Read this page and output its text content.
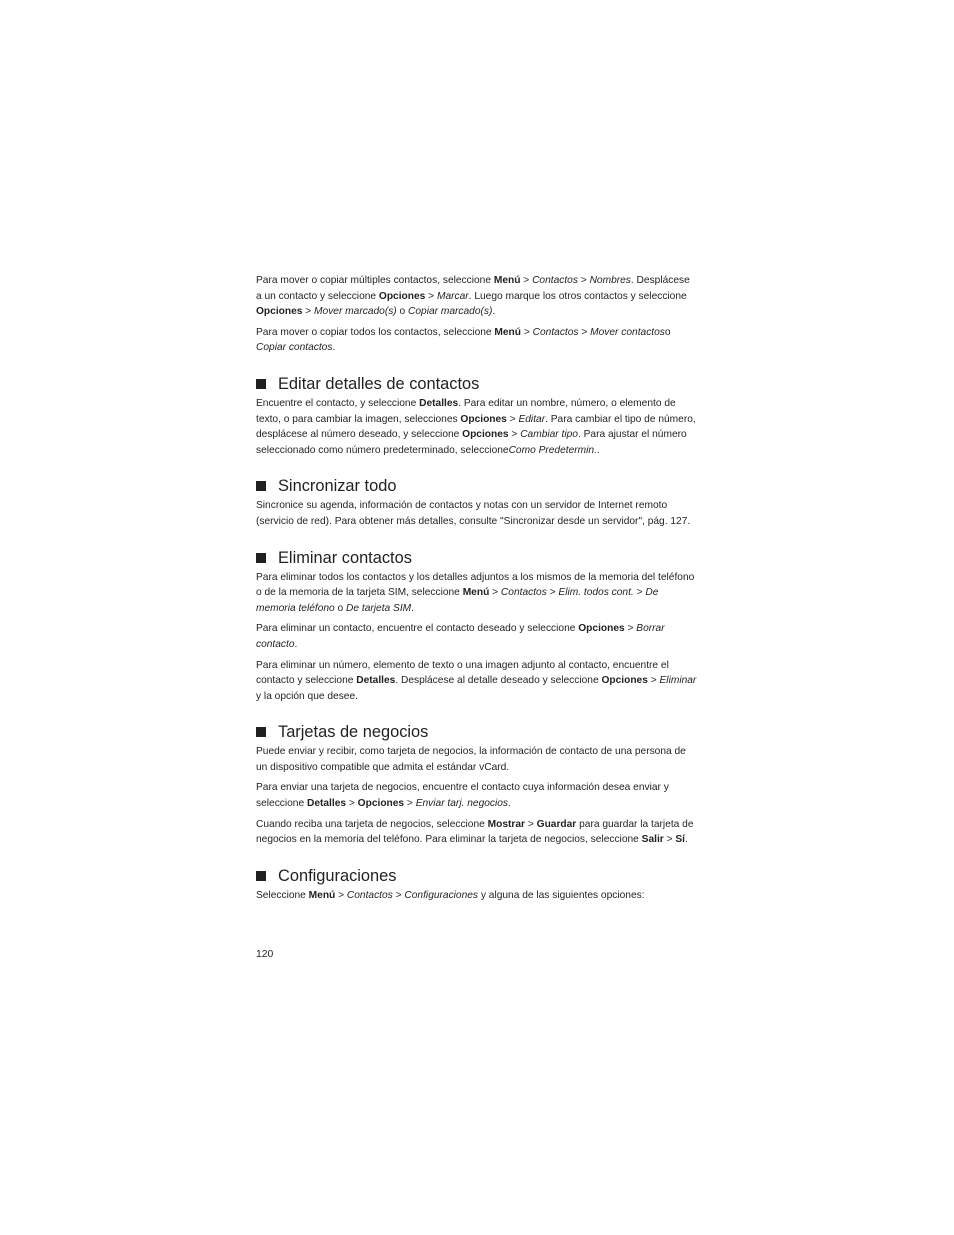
Para mover o copiar múltiples contactos, seleccione Menú > Contactos > Nombres. Desplácese a un contacto y seleccione Opciones > Marcar. Luego marque los otros contactos y seleccione Opciones > Mover marcado(s) o Copiar marcado(s).

Para mover o copiar todos los contactos, seleccione Menú > Contactos > Mover contactoso Copiar contactos.

Editar detalles de contactos

Encuentre el contacto, y seleccione Detalles. Para editar un nombre, número, o elemento de texto, o para cambiar la imagen, selecciones Opciones > Editar. Para cambiar el tipo de número, desplácese al número deseado, y seleccione Opciones > Cambiar tipo. Para ajustar el número seleccionado como número predeterminado, seleccioneComo Predetermin..

Sincronizar todo

Sincronice su agenda, información de contactos y notas con un servidor de Internet remoto (servicio de red). Para obtener más detalles, consulte "Sincronizar desde un servidor", pág. 127.

Eliminar contactos

Para eliminar todos los contactos y los detalles adjuntos a los mismos de la memoria del teléfono o de la memoria de la tarjeta SIM, seleccione Menú > Contactos > Elim. todos cont. > De memoria teléfono o De tarjeta SIM.

Para eliminar un contacto, encuentre el contacto deseado y seleccione Opciones > Borrar contacto.

Para eliminar un número, elemento de texto o una imagen adjunto al contacto, encuentre el contacto y seleccione Detalles. Desplácese al detalle deseado y seleccione Opciones > Eliminar y la opción que desee.

Tarjetas de negocios

Puede enviar y recibir, como tarjeta de negocios, la información de contacto de una persona de un dispositivo compatible que admita el estándar vCard.

Para enviar una tarjeta de negocios, encuentre el contacto cuya información desea enviar y seleccione Detalles > Opciones > Enviar tarj. negocios.

Cuando reciba una tarjeta de negocios, seleccione Mostrar > Guardar para guardar la tarjeta de negocios en la memoria del teléfono. Para eliminar la tarjeta de negocios, seleccione Salir > Sí.

Configuraciones

Seleccione Menú > Contactos > Configuraciones y alguna de las siguientes opciones:

120
